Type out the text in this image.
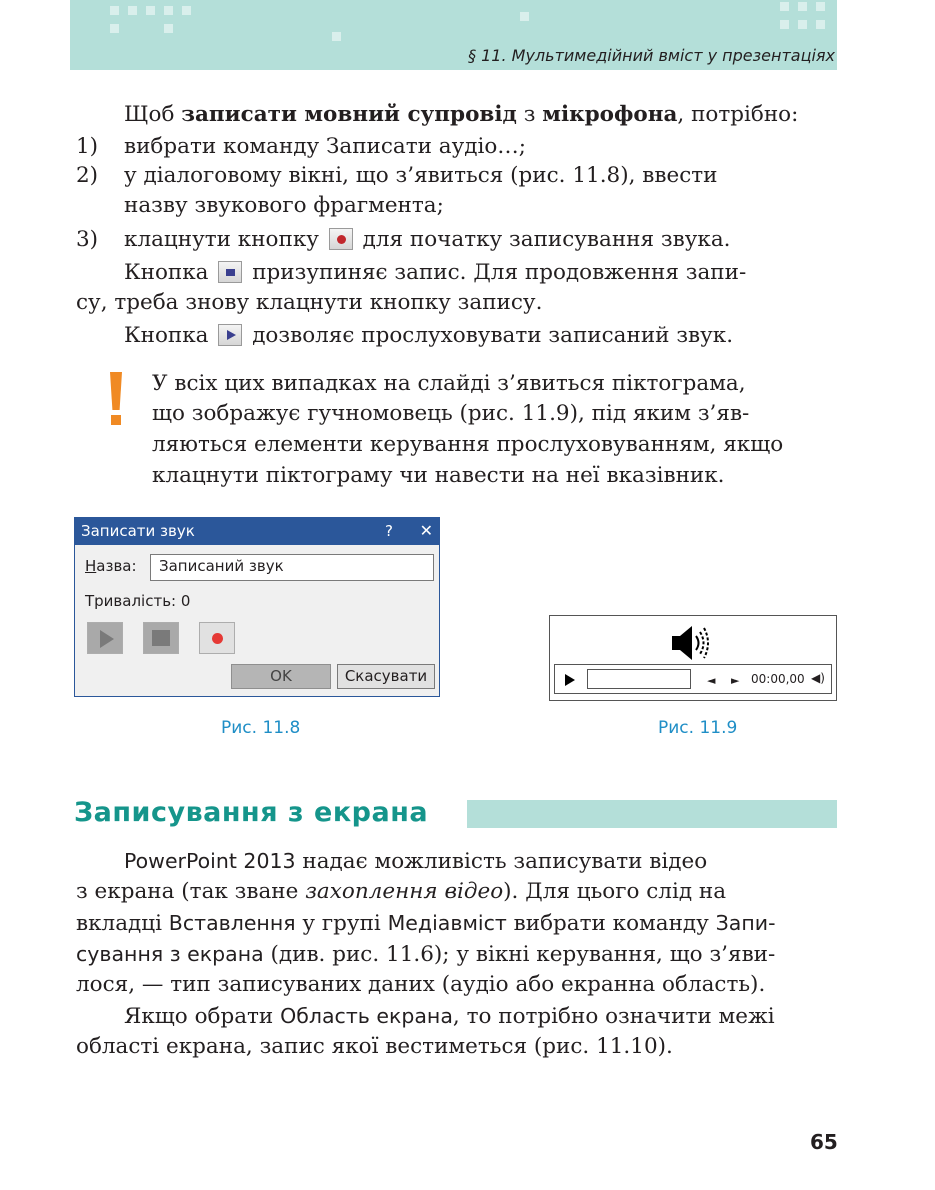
§ 11. Мультимедійний вміст у презентаціях
Щоб записати мовний супровід з мікрофона, потрібно:
1) вибрати команду Записати аудіо…;
2) у діалоговому вікні, що з’явиться (рис. 11.8), ввести
назву звукового фрагмента;
3) клацнути кнопку для початку записування звука.
Кнопка призупиняє запис. Для продовження запи-
су, треба знову клацнути кнопку запису.
Кнопка дозволяє прослуховувати записаний звук.
У всіх цих випадках на слайді з’явиться піктограма,
що зображує гучномовець (рис. 11.9), під яким з’яв-
ляються елементи керування прослуховуванням, якщо
клацнути піктограму чи навести на неї вказівник.
Записати звук	? ✕
Назва:	Записаний звук
Тривалість: 0
OK	Скасувати	◄ ► 00:00,00 ◀)
Рис. 11.8	Рис. 11.9
Записування з екрана
PowerPoint 2013 надає можливість записувати відео
з екрана (так зване захоплення відео). Для цього слід на
вкладці Вставлення у групі Медіавміст вибрати команду Запи-
сування з екрана (див. рис. 11.6); у вікні керування, що з’яви-
лося, — тип записуваних даних (аудіо або екранна область).
Якщо обрати Область екрана, то потрібно означити межі
області екрана, запис якої вестиметься (рис. 11.10).
65
